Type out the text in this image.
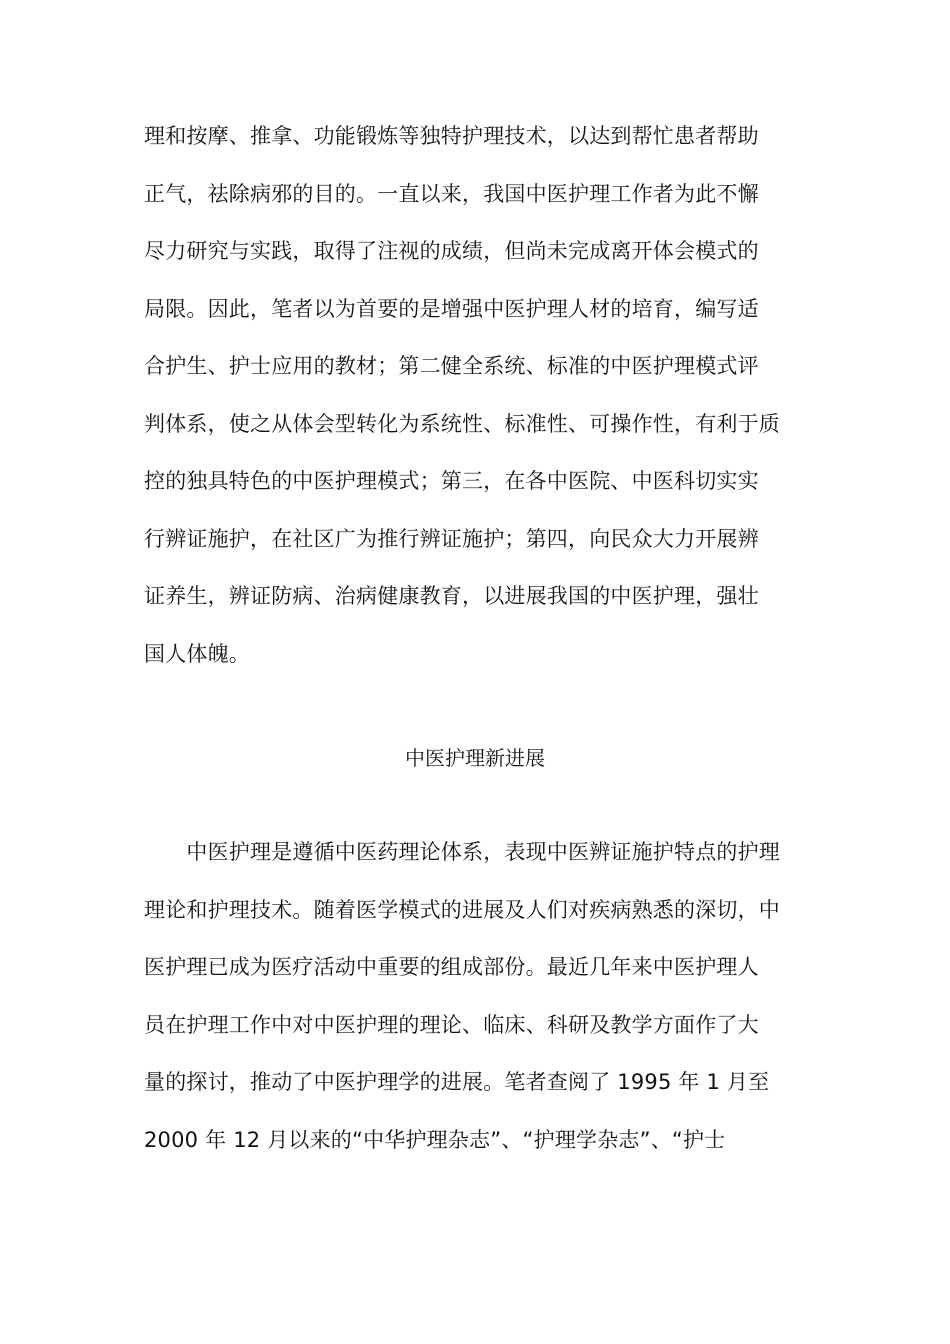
理和按摩、推拿、功能锻炼等独特护理技术，以达到帮忙患者帮助
正气，祛除病邪的目的。一直以来，我国中医护理工作者为此不懈
尽力研究与实践，取得了注视的成绩，但尚未完成离开体会模式的
局限。因此，笔者以为首要的是增强中医护理人材的培育，编写适
合护生、护士应用的教材；第二健全系统、标准的中医护理模式评
判体系，使之从体会型转化为系统性、标准性、可操作性，有利于质
控的独具特色的中医护理模式；第三，在各中医院、中医科切实实
行辨证施护，在社区广为推行辨证施护；第四，向民众大力开展辨
证养生，辨证防病、治病健康教育，以进展我国的中医护理，强壮
国人体魄。
中医护理新进展
　　中医护理是遵循中医药理论体系，表现中医辨证施护特点的护理
理论和护理技术。随着医学模式的进展及人们对疾病熟悉的深切，中
医护理已成为医疗活动中重要的组成部份。最近几年来中医护理人
员在护理工作中对中医护理的理论、临床、科研及教学方面作了大
量的探讨，推动了中医护理学的进展。笔者查阅了 1995 年 1 月至
2000 年 12 月以来的“中华护理杂志”、“护理学杂志”、“护士
